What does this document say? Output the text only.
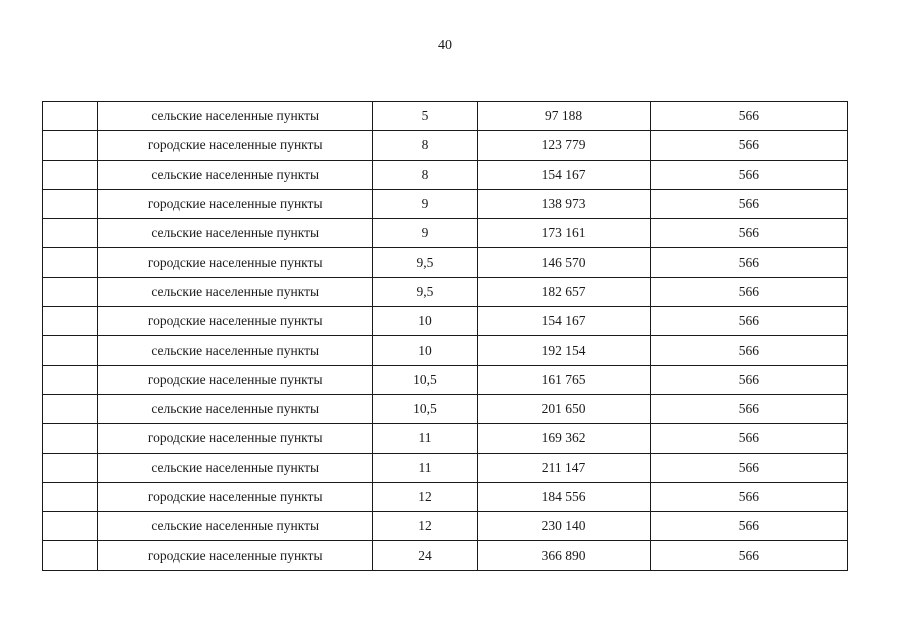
40
	сельские населенные пункты	5	97 188	566
	городские населенные пункты	8	123 779	566
	сельские населенные пункты	8	154 167	566
	городские населенные пункты	9	138 973	566
	сельские населенные пункты	9	173 161	566
	городские населенные пункты	9,5	146 570	566
	сельские населенные пункты	9,5	182 657	566
	городские населенные пункты	10	154 167	566
	сельские населенные пункты	10	192 154	566
	городские населенные пункты	10,5	161 765	566
	сельские населенные пункты	10,5	201 650	566
	городские населенные пункты	11	169 362	566
	сельские населенные пункты	11	211 147	566
	городские населенные пункты	12	184 556	566
	сельские населенные пункты	12	230 140	566
	городские населенные пункты	24	366 890	566
